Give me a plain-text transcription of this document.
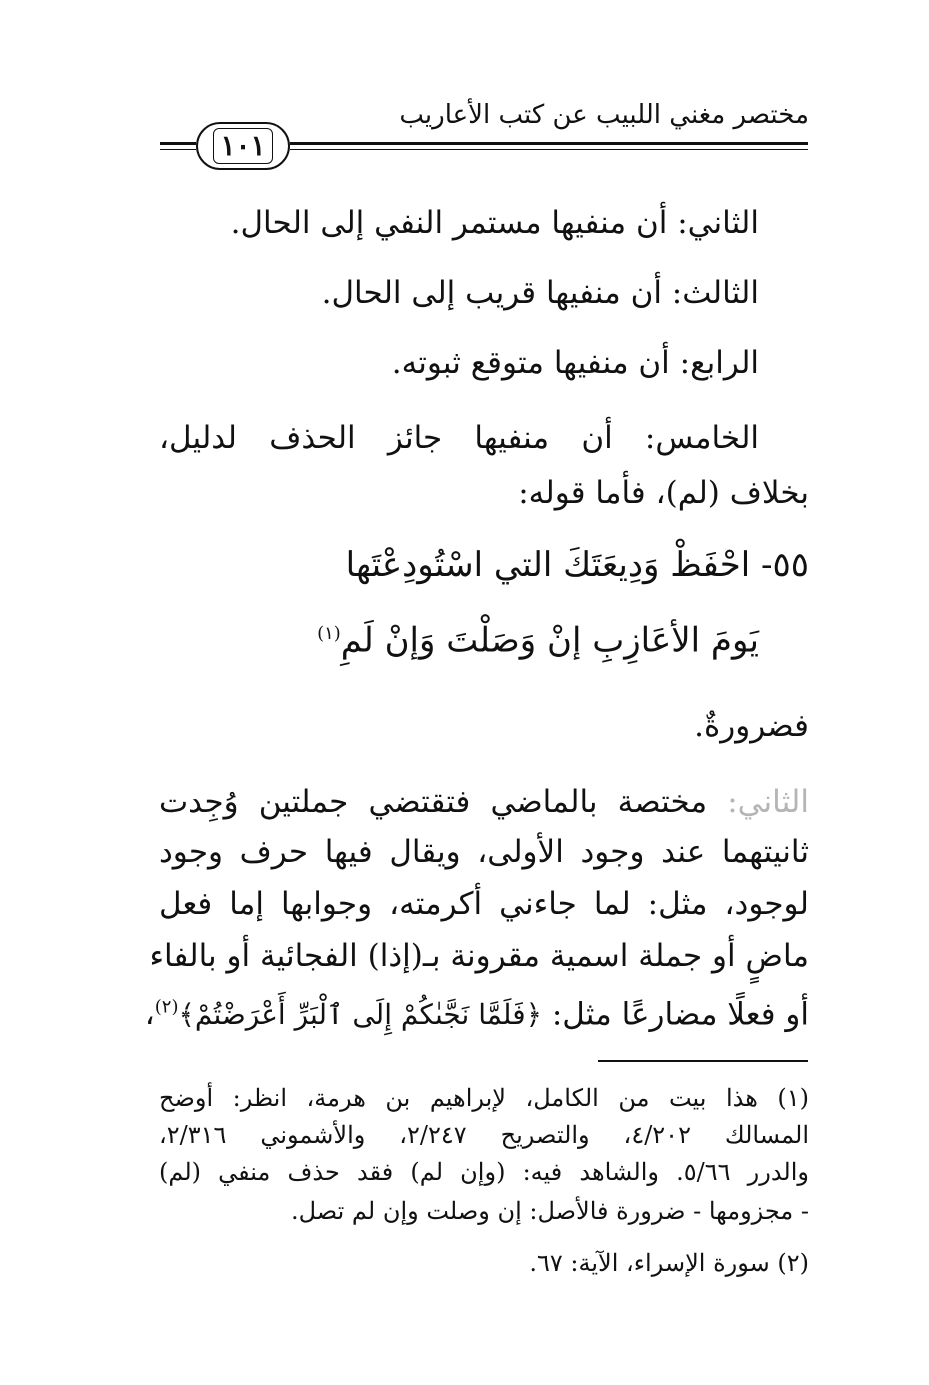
مختصر مغني اللبيب عن كتب الأعاريب
١٠١
الثاني: أن منفيها مستمر النفي إلى الحال.
الثالث: أن منفيها قريب إلى الحال.
الرابع: أن منفيها متوقع ثبوته.
الخامس: أن منفيها جائز الحذف لدليل،
بخلاف (لم)، فأما قوله:
٥٥- احْفَظْ وَدِيعَتَكَ التي اسْتُودِعْتَها
يَومَ الأعَازِبِ إنْ وَصَلْتَ وَإنْ لَمِ$^{(١)}$
فضرورةٌ.
الثاني: مختصة بالماضي فتقتضي جملتين وُجِدت
ثانيتهما عند وجود الأولى، ويقال فيها حرف وجود
لوجود، مثل: لما جاءني أكرمته، وجوابها إما فعل
ماضٍ أو جملة اسمية مقرونة بـ(إذا) الفجائية أو بالفاء
أو فعلًا مضارعًا مثل: ﴿فَلَمَّا نَجَّىٰكُمْ إِلَى ٱلْبَرِّ أَعْرَضْتُمْ﴾$^{(٢)}$،
(١) هذا بيت من الكامل، لإبراهيم بن هرمة، انظر: أوضح
المسالك ٤/٢٠٢، والتصريح ٢/٢٤٧، والأشموني ٢/٣١٦،
والدرر ٥/٦٦. والشاهد فيه: (وإن لم) فقد حذف منفي (لم)
- مجزومها - ضرورة فالأصل: إن وصلت وإن لم تصل.
(٢) سورة الإسراء، الآية: ٦٧.
